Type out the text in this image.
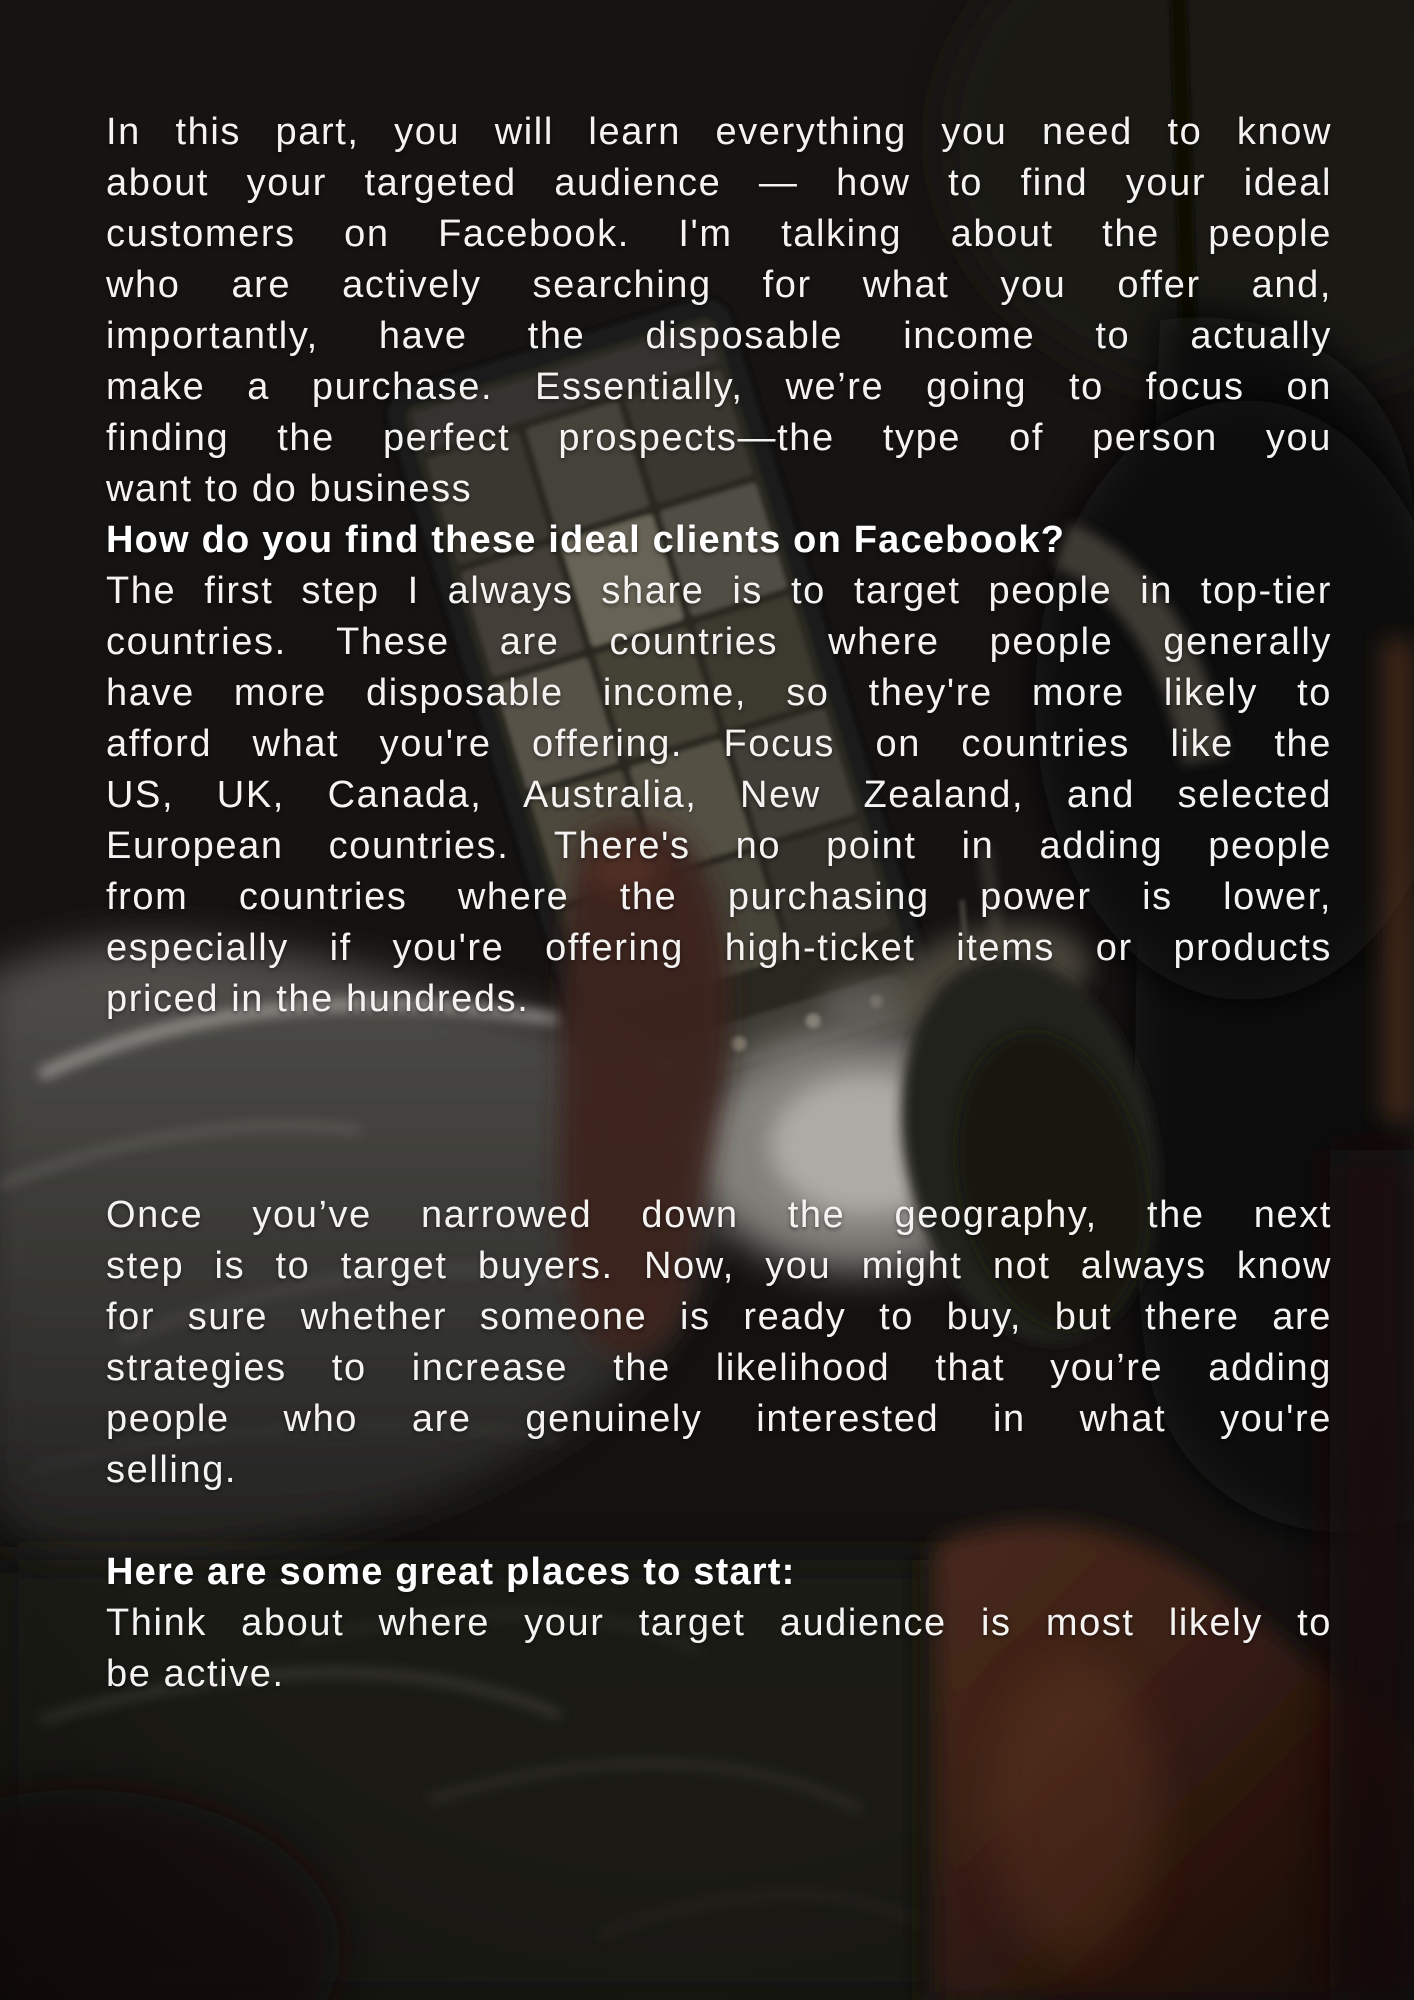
In this part, you will learn everything you need to know
about your targeted audience — how to find your ideal
customers on Facebook. I'm talking about the people
who are actively searching for what you offer and,
importantly, have the disposable income to actually
make a purchase. Essentially, we’re going to focus on
finding the perfect prospects—the type of person you
want to do business
How do you find these ideal clients on Facebook?
The first step I always share is to target people in top-tier
countries. These are countries where people generally
have more disposable income, so they're more likely to
afford what you're offering. Focus on countries like the
US, UK, Canada, Australia, New Zealand, and selected
European countries. There's no point in adding people
from countries where the purchasing power is lower,
especially if you're offering high-ticket items or products
priced in the hundreds.
Once you’ve narrowed down the geography, the next
step is to target buyers. Now, you might not always know
for sure whether someone is ready to buy, but there are
strategies to increase the likelihood that you’re adding
people who are genuinely interested in what you're
selling.
Here are some great places to start:
Think about where your target audience is most likely to
be active.
